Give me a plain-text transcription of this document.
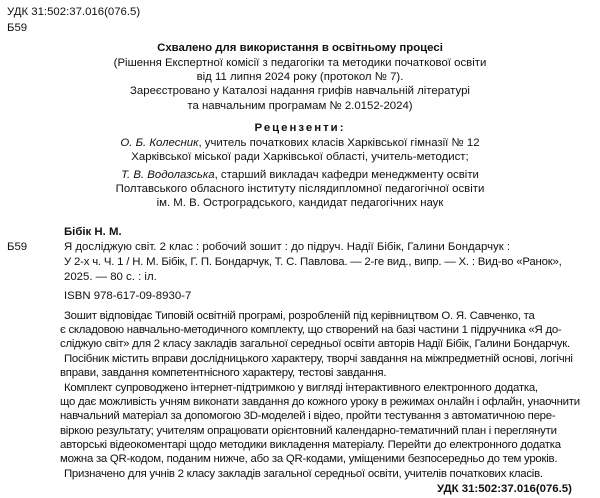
УДК 31:502:37.016(076.5)
Б59
Схвалено для використання в освітньому процесі
(Рішення Експертної комісії з педагогіки та методики початкової освіти
від 11 липня 2024 року (протокол № 7).
Зареєстровано у Каталозі надання грифів навчальній літературі
та навчальним програмам № 2.0152-2024)
Рецензенти:
О. Б. Колесник, учитель початкових класів Харківської гімназії № 12
Харківської міської ради Харківської області, учитель-методист;
Т. В. Водолазська, старший викладач кафедри менеджменту освіти
Полтавського обласного інституту післядипломної педагогічної освіти
ім. М. В. Остроградського, кандидат педагогічних наук
Бібік Н. М.
Б59	Я досліджую світ. 2 клас : робочий зошит : до підруч. Надії Бібік, Галини Бондарчук :
У 2-х ч. Ч. 1 / Н. М. Бібік, Г. П. Бондарчук, Т. С. Павлова. — 2-ге вид., випр. — Х. : Вид-во «Ранок»,
2025. — 80 с. : іл.
ISBN 978-617-09-8930-7
Зошит відповідає Типовій освітній програмі, розробленій під керівництвом О. Я. Савченко, та
є складовою навчально-методичного комплекту, що створений на базі частини 1 підручника «Я до-
сліджую світ» для 2 класу закладів загальної середньої освіти авторів Надії Бібік, Галини Бондарчук.
Посібник містить вправи дослідницького характеру, творчі завдання на міжпредметній основі, логічні
вправи, завдання компетентнісного характеру, тестові завдання.
Комплект супроводжено інтернет-підтримкою у вигляді інтерактивного електронного додатка,
що дає можливість учням виконати завдання до кожного уроку в режимах онлайн і офлайн, унаочнити
навчальний матеріал за допомогою 3D-моделей і відео, пройти тестування з автоматичною пере-
віркою результату; учителям опрацювати орієнтовний календарно-тематичний план і переглянути
авторські відеокоментарі щодо методики викладення матеріалу. Перейти до електронного додатка
можна за QR-кодом, поданим нижче, або за QR-кодами, уміщеними безпосередньо до тем уроків.
Призначено для учнів 2 класу закладів загальної середньої освіти, учителів початкових класів.
УДК 31:502:37.016(076.5)
